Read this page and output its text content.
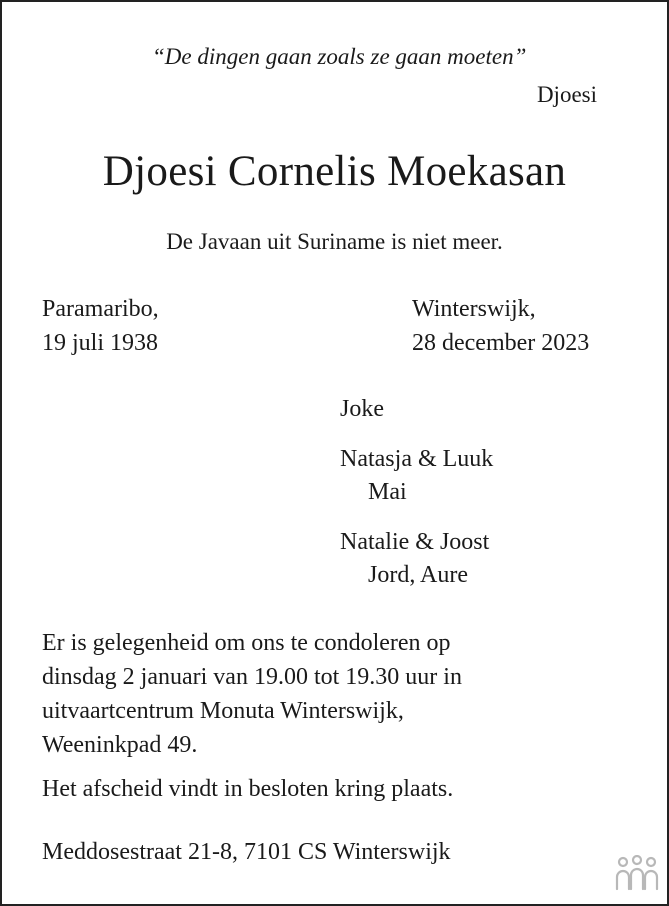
“De dingen gaan zoals ze gaan moeten”
Djoesi
Djoesi Cornelis Moekasan
De Javaan uit Suriname is niet meer.
Paramaribo,
19 juli 1938
Winterswijk,
28 december 2023
Joke
Natasja & Luuk
Mai
Natalie & Joost
Jord, Aure
Er is gelegenheid om ons te condoleren op
dinsdag 2 januari van 19.00 tot 19.30 uur in
uitvaartcentrum Monuta Winterswijk,
Weeninkpad 49.
Het afscheid vindt in besloten kring plaats.
Meddosestraat 21-8, 7101 CS Winterswijk
